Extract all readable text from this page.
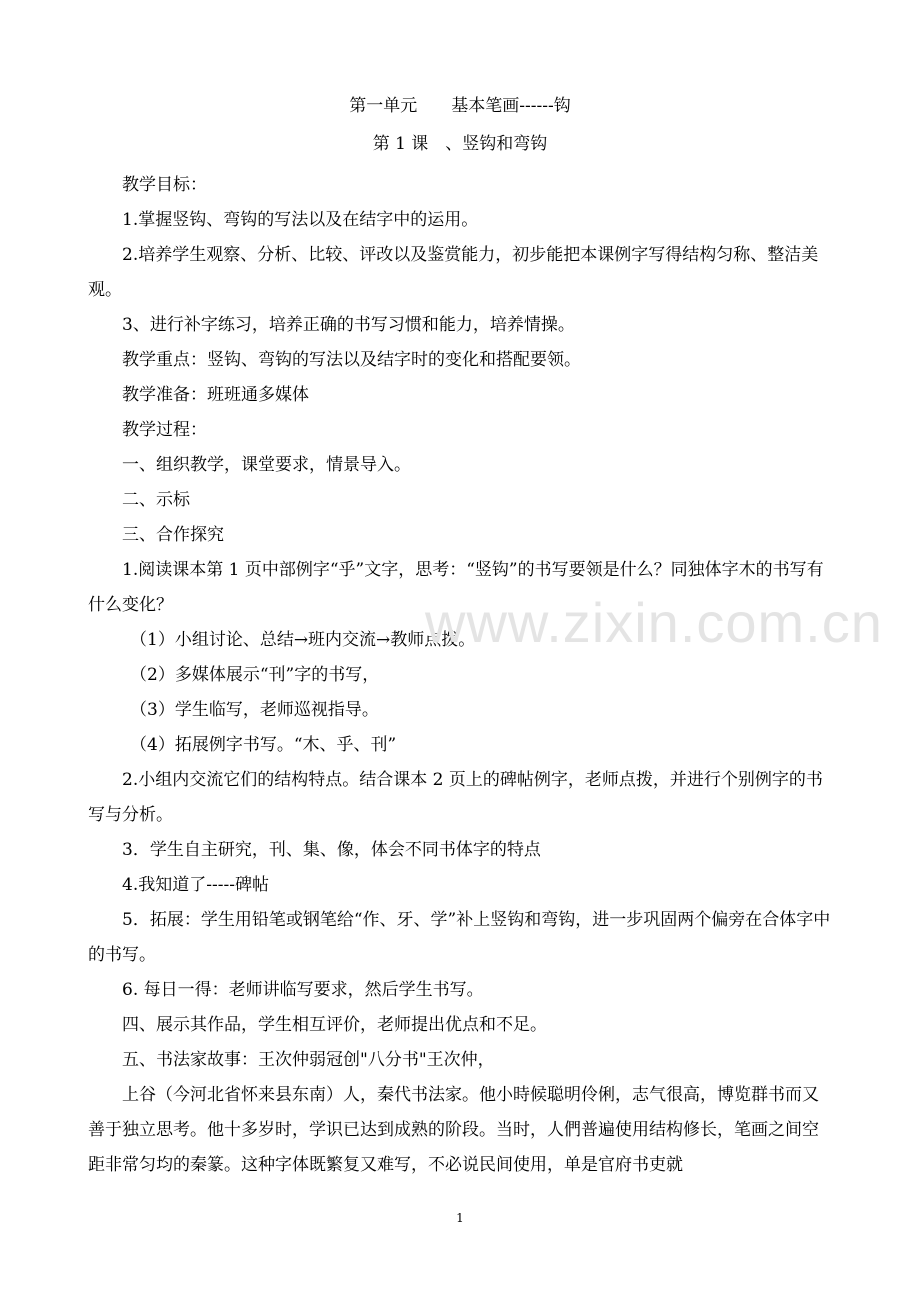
第一单元　　基本笔画------钩
第 1 课　、竖钩和弯钩

教学目标：

1.掌握竖钩、弯钩的写法以及在结字中的运用。

2.培养学生观察、分析、比较、评改以及鉴赏能力，初步能把本课例字写得结构匀称、整洁美观。

3、进行补字练习，培养正确的书写习惯和能力，培养情操。

教学重点：竖钩、弯钩的写法以及结字时的变化和搭配要领。

教学准备：班班通多媒体

教学过程：

一、组织教学，课堂要求，情景导入。

二、示标

三、合作探究

1.阅读课本第 1 页中部例字“乎”文字，思考：“竖钩”的书写要领是什么？同独体字木的书写有什么变化？

（1）小组讨论、总结→班内交流→教师点拨。

（2）多媒体展示“刊”字的书写，

（3）学生临写，老师巡视指导。

（4）拓展例字书写。“木、乎、刊”

2.小组内交流它们的结构特点。结合课本 2 页上的碑帖例字，老师点拨，并进行个别例字的书写与分析。

3．学生自主研究，刊、集、像，体会不同书体字的特点

4.我知道了-----碑帖

5．拓展：学生用铅笔或钢笔给“作、牙、学”补上竖钩和弯钩，进一步巩固两个偏旁在合体字中的书写。

6. 每日一得：老师讲临写要求，然后学生书写。

四、展示其作品，学生相互评价，老师提出优点和不足。

五、书法家故事：王次仲弱冠创"八分书"王次仲，

上谷（今河北省怀来县东南）人，秦代书法家。他小時候聪明伶俐，志气很高，博览群书而又善于独立思考。他十多岁时，学识已达到成熟的阶段。当时，人們普遍使用结构修长，笔画之间空距非常匀均的秦篆。这种字体既繁复又难写，不必说民间使用，单是官府书吏就

www.zixin.com.cn
1
